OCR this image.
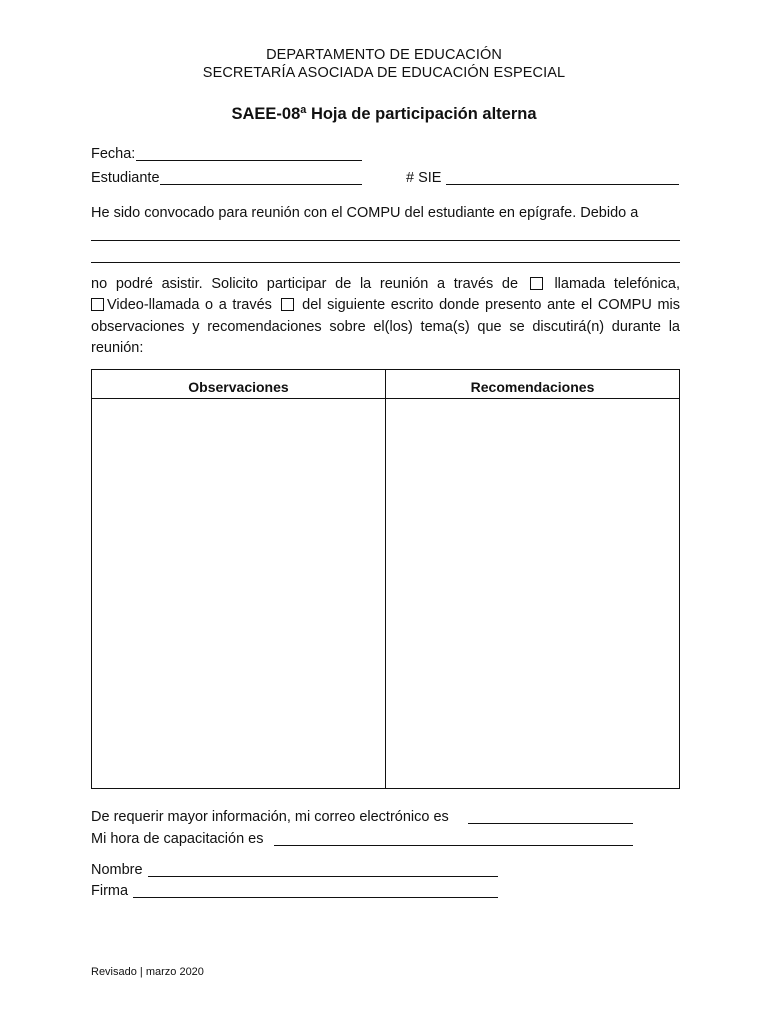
DEPARTAMENTO DE EDUCACIÓN
SECRETARÍA ASOCIADA DE EDUCACIÓN ESPECIAL
SAEE-08ª Hoja de participación alterna
Fecha:
Estudiante	# SIE
He sido convocado para reunión con el COMPU del estudiante en epígrafe. Debido a
no podré asistir. Solicito participar de la reunión a través de	llamada telefónica,
Video-llamada o a través del siguiente escrito donde presento ante el COMPU mis
observaciones y recomendaciones sobre el(los) tema(s) que se discutirá(n) durante la
reunión:
Observaciones	Recomendaciones
De requerir mayor información, mi correo electrónico es
Mi hora de capacitación es
Nombre
Firma
Revisado | marzo 2020
